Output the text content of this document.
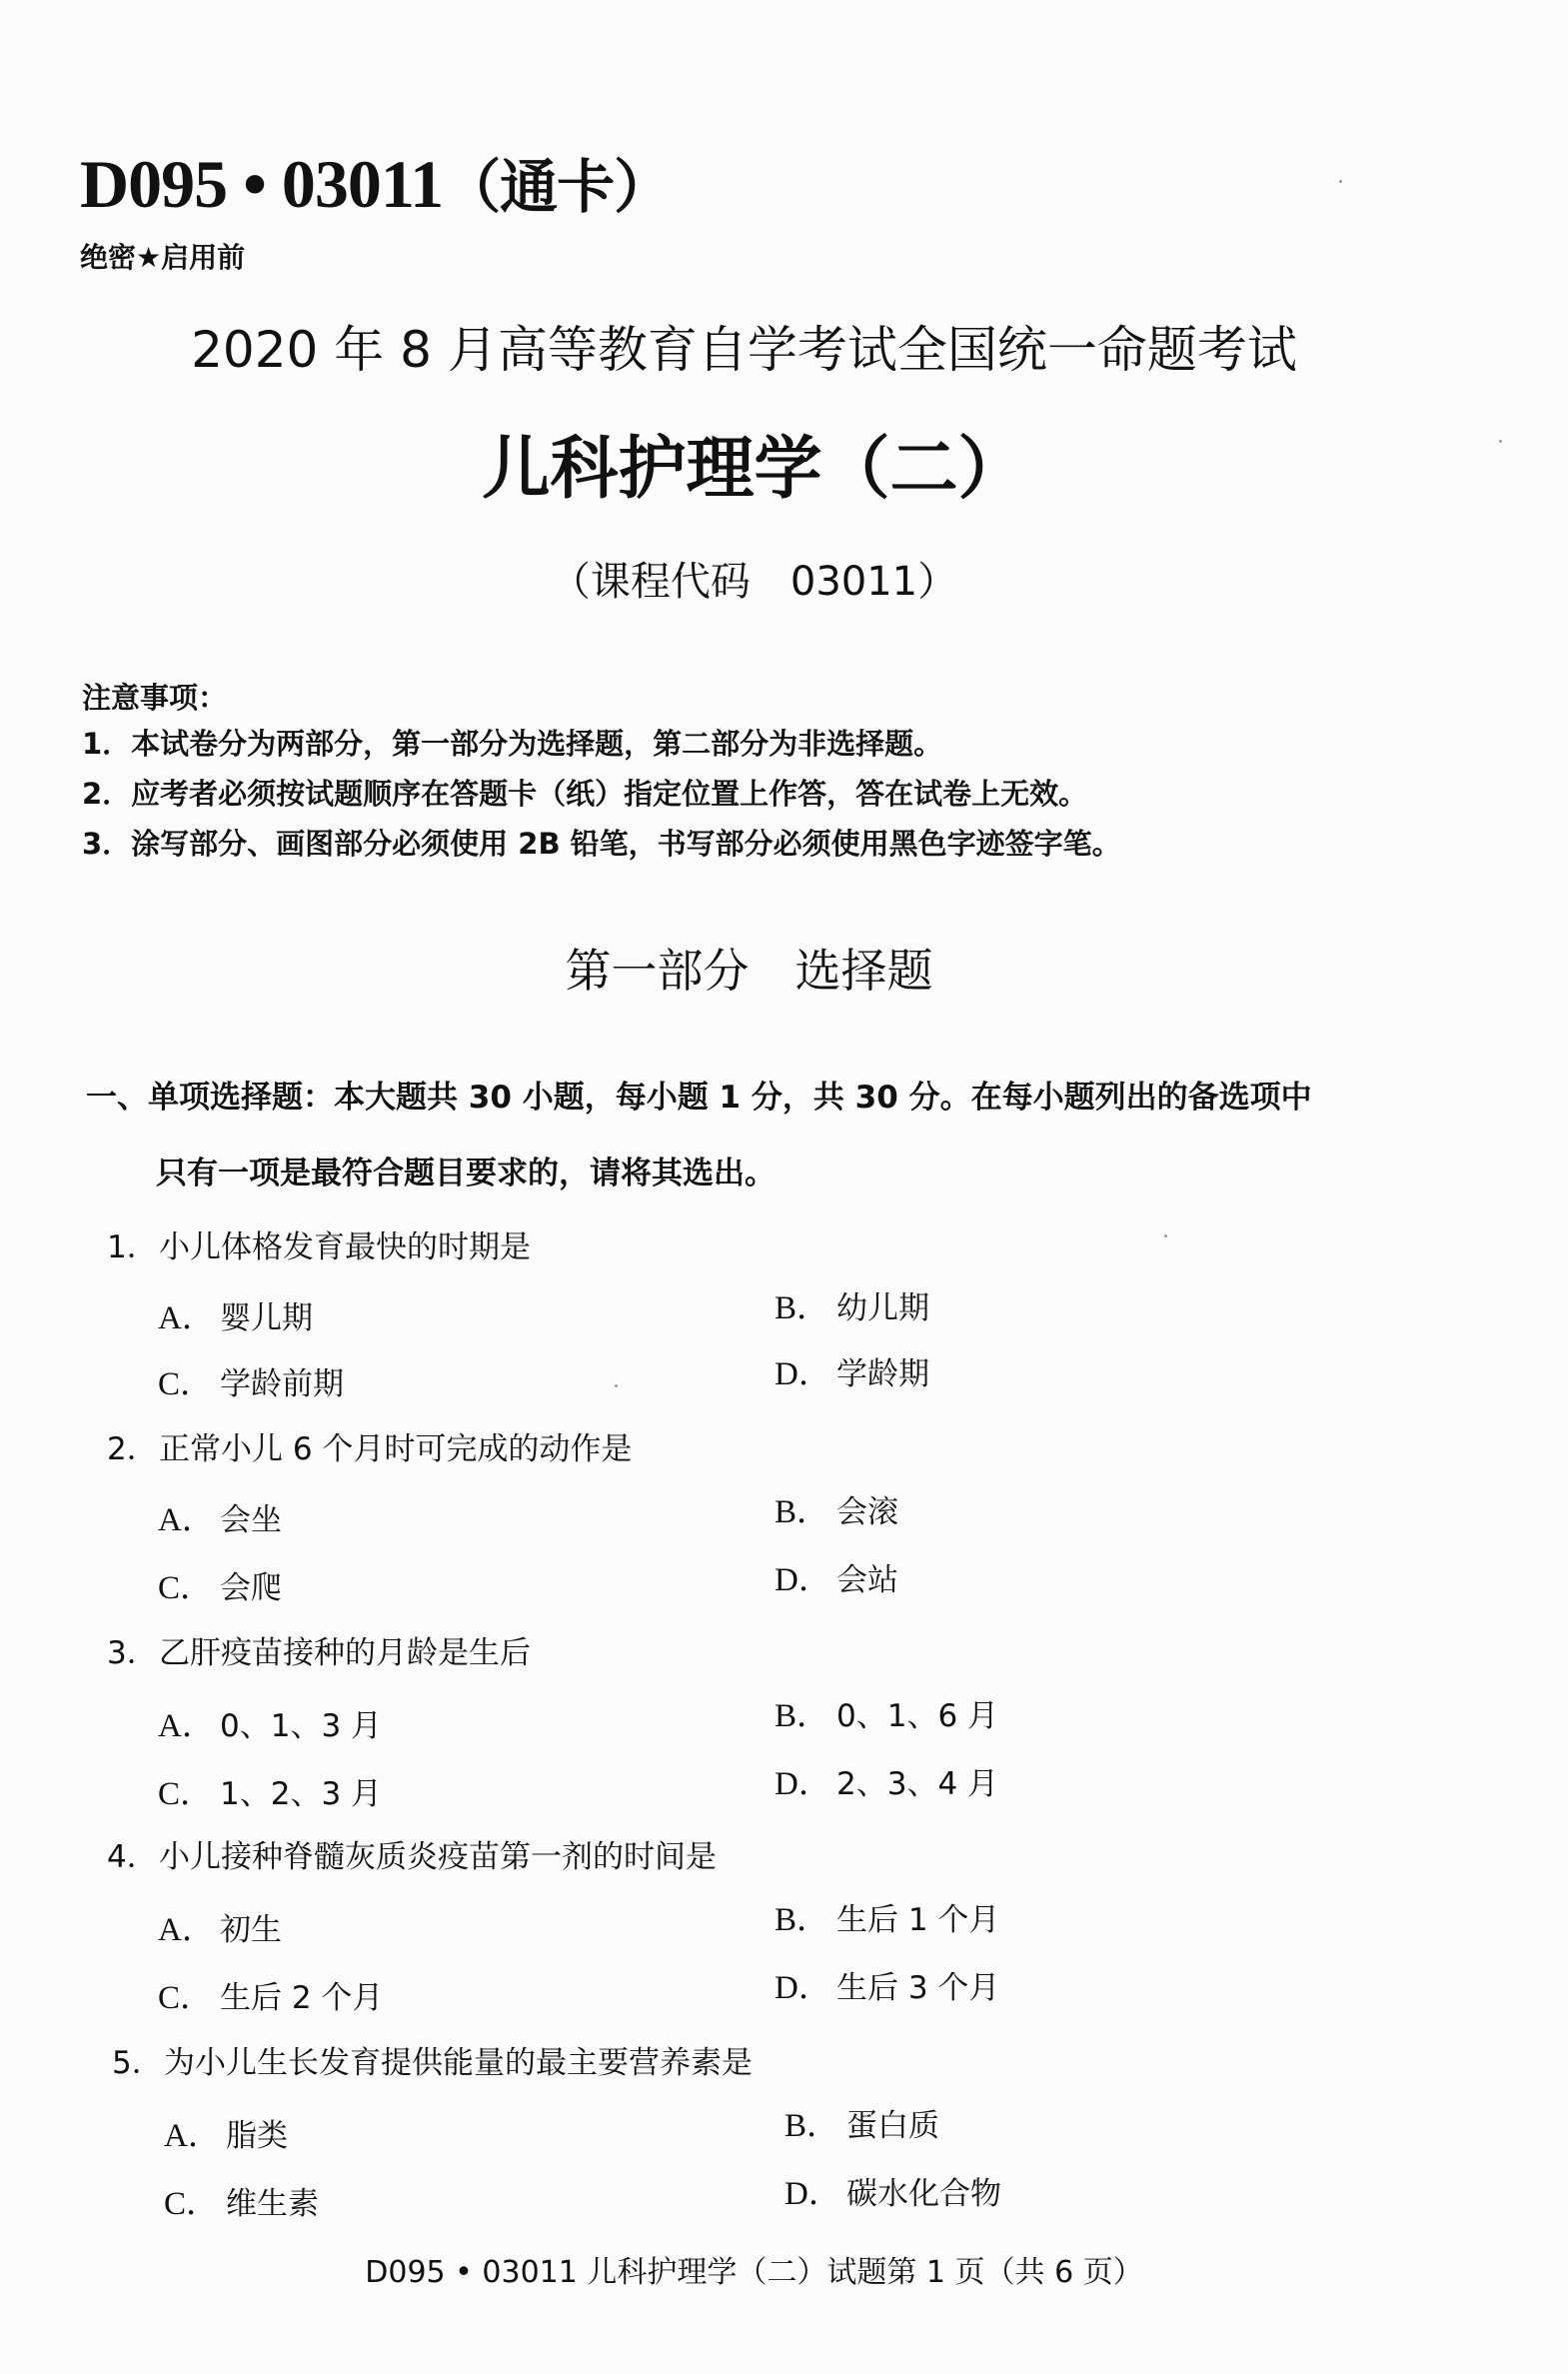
D095 • 03011（通卡）
绝密★启用前
2020 年 8 月高等教育自学考试全国统一命题考试
儿科护理学（二）
（课程代码　03011）
注意事项：
1．本试卷分为两部分，第一部分为选择题，第二部分为非选择题。
2．应考者必须按试题顺序在答题卡（纸）指定位置上作答，答在试卷上无效。
3．涂写部分、画图部分必须使用 2B 铅笔，书写部分必须使用黑色字迹签字笔。
第一部分　选择题
一、单项选择题：本大题共 30 小题，每小题 1 分，共 30 分。在每小题列出的备选项中
只有一项是最符合题目要求的，请将其选出。
1．小儿体格发育最快的时期是
A． 婴儿期	B． 幼儿期
C． 学龄前期	D． 学龄期
2．正常小儿 6 个月时可完成的动作是
A． 会坐	B． 会滚
C． 会爬	D． 会站
3．乙肝疫苗接种的月龄是生后
A． 0、1、3 月	B． 0、1、6 月
C． 1、2、3 月	D． 2、3、4 月
4．小儿接种脊髓灰质炎疫苗第一剂的时间是
A． 初生	B． 生后 1 个月
C． 生后 2 个月	D． 生后 3 个月
5．为小儿生长发育提供能量的最主要营养素是
A． 脂类	B． 蛋白质
C． 维生素	D． 碳水化合物
D095 • 03011 儿科护理学（二）试题第 1 页（共 6 页）
